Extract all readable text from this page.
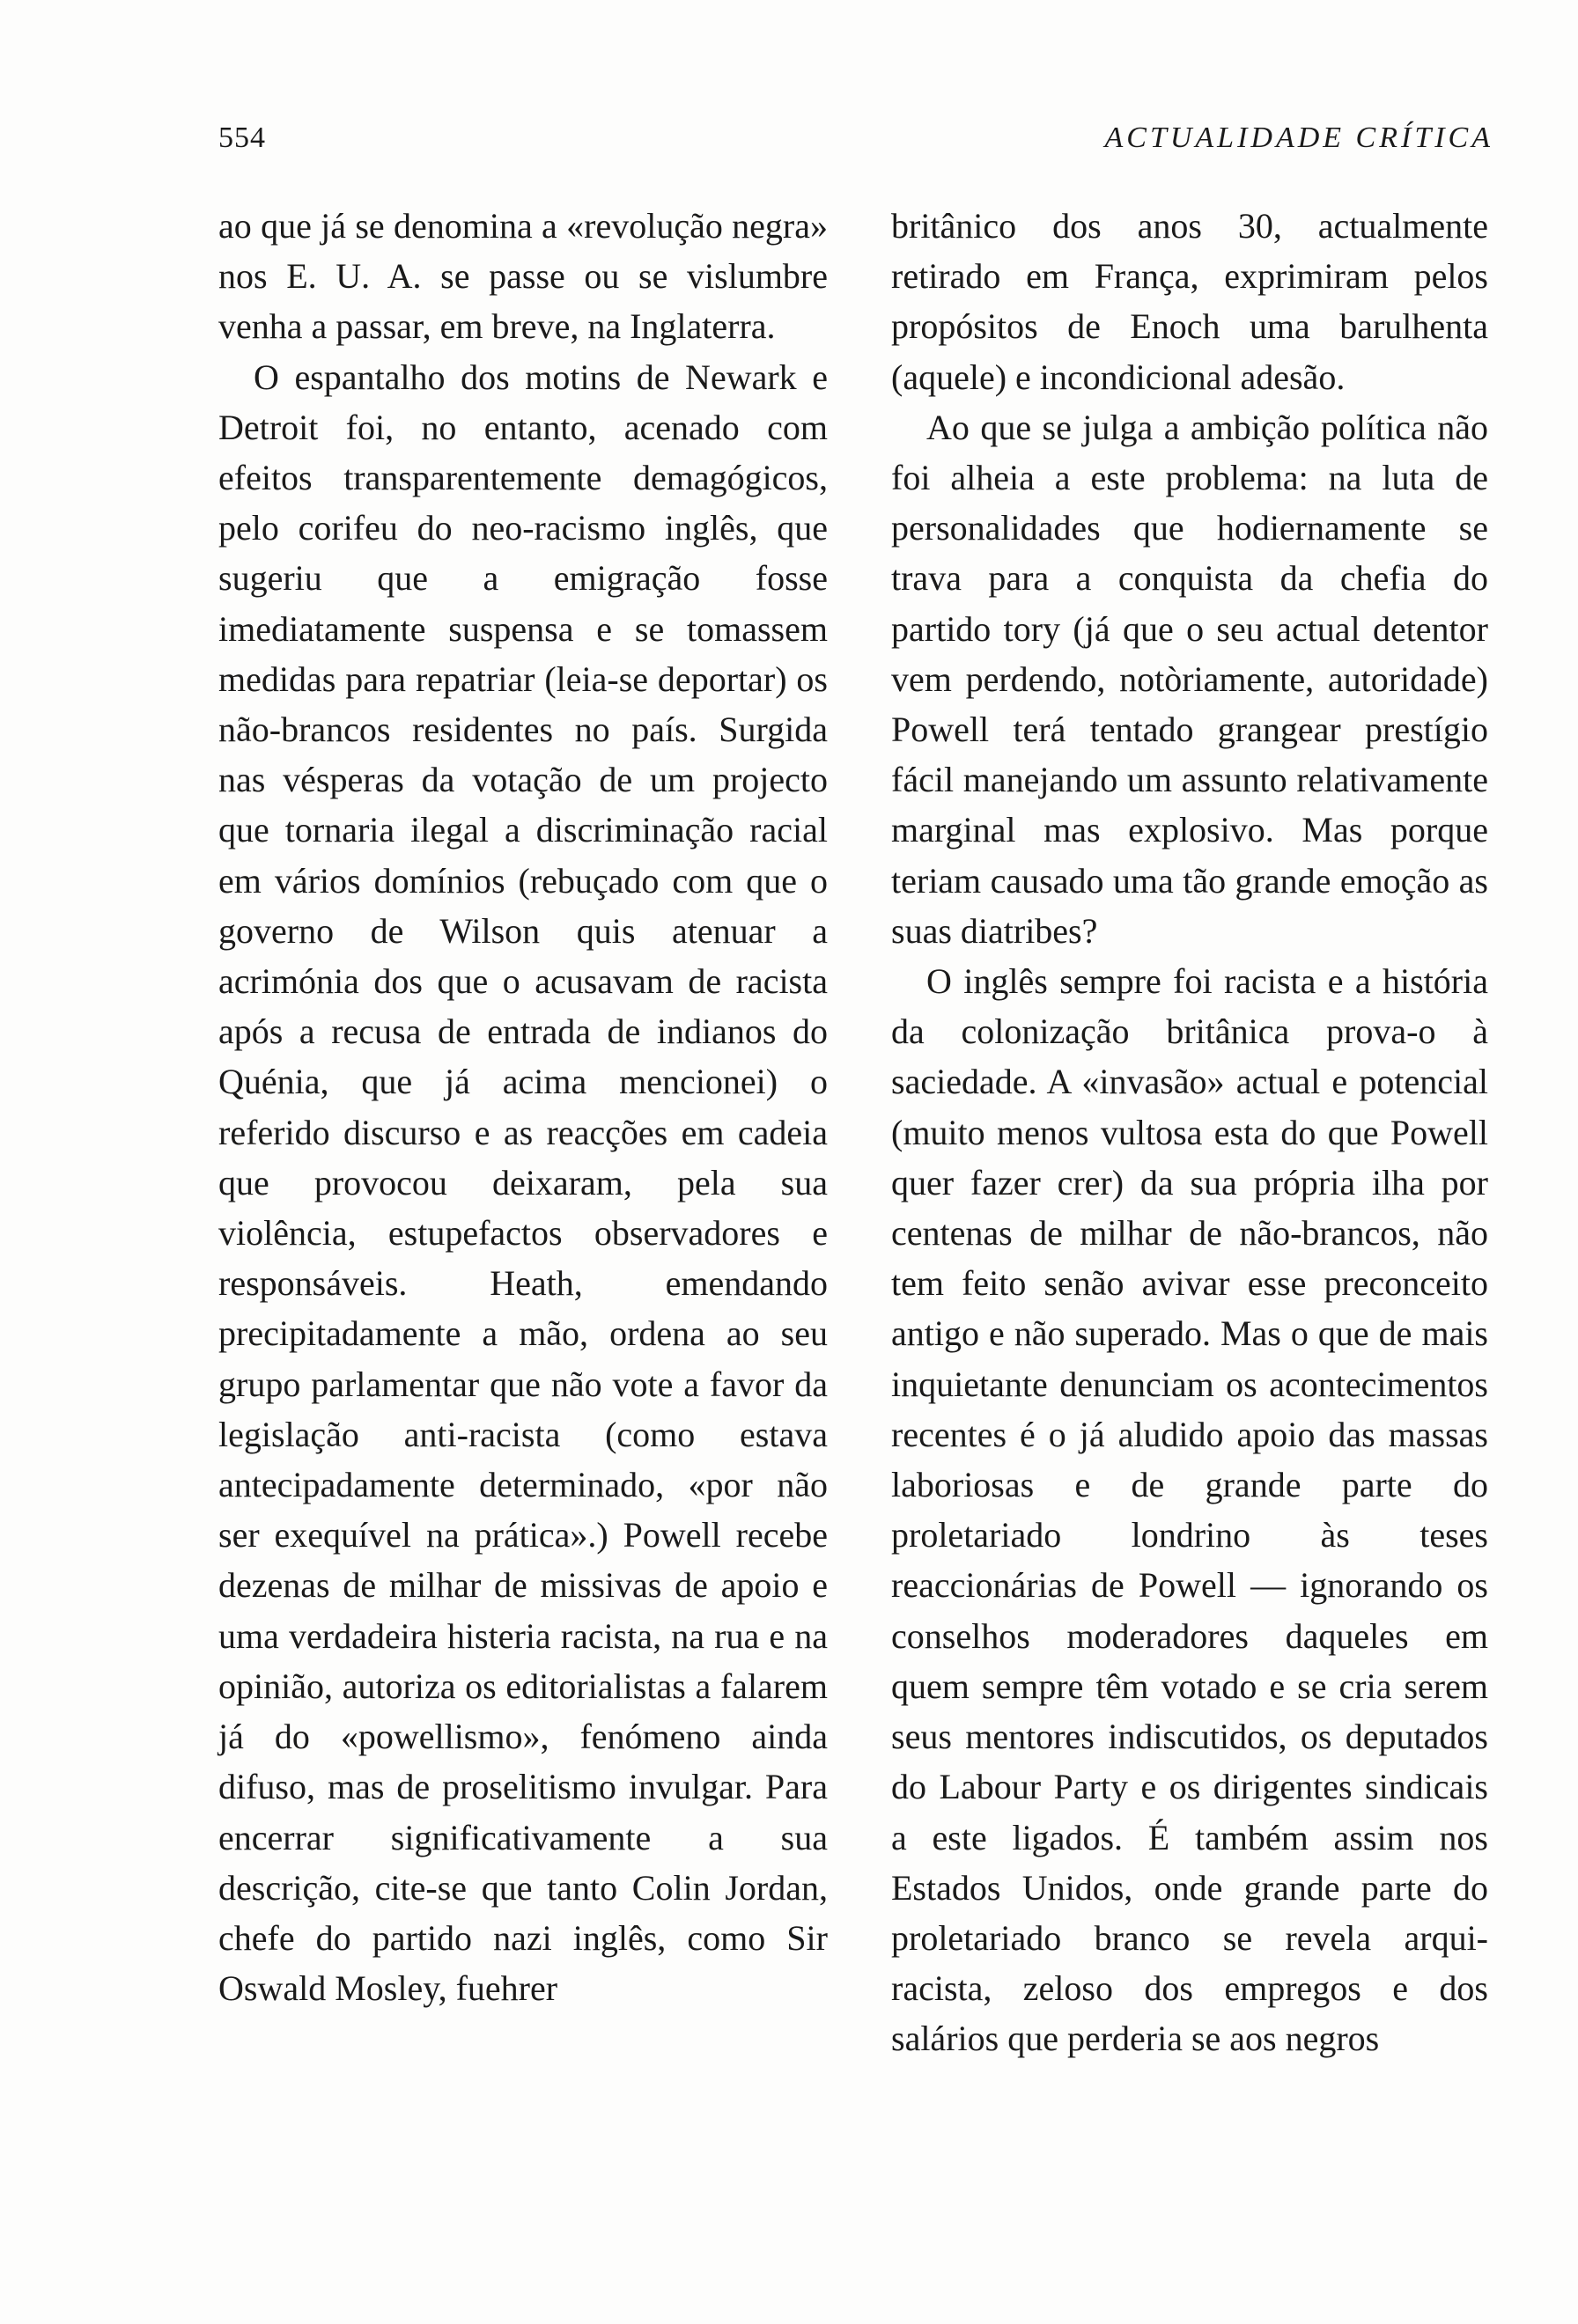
554	ACTUALIDADE CRÍTICA

ao que já se denomina a «revolução negra» nos E. U. A. se passe ou se vislumbre venha a passar, em breve, na Inglaterra.

O espantalho dos motins de Newark e Detroit foi, no entanto, acenado com efeitos transparentemente demagógicos, pelo corifeu do neo-racismo inglês, que sugeriu que a emigração fosse imediatamente suspensa e se tomassem medidas para repatriar (leia-se deportar) os não-brancos residentes no país. Surgida nas vésperas da votação de um projecto que tornaria ilegal a discriminação racial em vários domínios (rebuçado com que o governo de Wilson quis atenuar a acrimónia dos que o acusavam de racista após a recusa de entrada de indianos do Quénia, que já acima mencionei) o referido discurso e as reacções em cadeia que provocou deixaram, pela sua violência, estupefactos observadores e responsáveis. Heath, emendando precipitadamente a mão, ordena ao seu grupo parlamentar que não vote a favor da legislação anti-racista (como estava antecipadamente determinado, «por não ser exequível na prática».) Powell recebe dezenas de milhar de missivas de apoio e uma verdadeira histeria racista, na rua e na opinião, autoriza os editorialistas a falarem já do «powellismo», fenómeno ainda difuso, mas de proselitismo invulgar. Para encerrar significativamente a sua descrição, cite-se que tanto Colin Jordan, chefe do partido nazi inglês, como Sir Oswald Mosley, fuehrer

britânico dos anos 30, actualmente retirado em França, exprimiram pelos propósitos de Enoch uma barulhenta (aquele) e incondicional adesão.

Ao que se julga a ambição política não foi alheia a este problema: na luta de personalidades que hodiernamente se trava para a conquista da chefia do partido tory (já que o seu actual detentor vem perdendo, notòriamente, autoridade) Powell terá tentado grangear prestígio fácil manejando um assunto relativamente marginal mas explosivo. Mas porque teriam causado uma tão grande emoção as suas diatribes?

O inglês sempre foi racista e a história da colonização britânica prova-o à saciedade. A «invasão» actual e potencial (muito menos vultosa esta do que Powell quer fazer crer) da sua própria ilha por centenas de milhar de não-brancos, não tem feito senão avivar esse preconceito antigo e não superado. Mas o que de mais inquietante denunciam os acontecimentos recentes é o já aludido apoio das massas laboriosas e de grande parte do proletariado londrino às teses reaccionárias de Powell — ignorando os conselhos moderadores daqueles em quem sempre têm votado e se cria serem seus mentores indiscutidos, os deputados do Labour Party e os dirigentes sindicais a este ligados. É também assim nos Estados Unidos, onde grande parte do proletariado branco se revela arqui-racista, zeloso dos empregos e dos salários que perderia se aos negros
